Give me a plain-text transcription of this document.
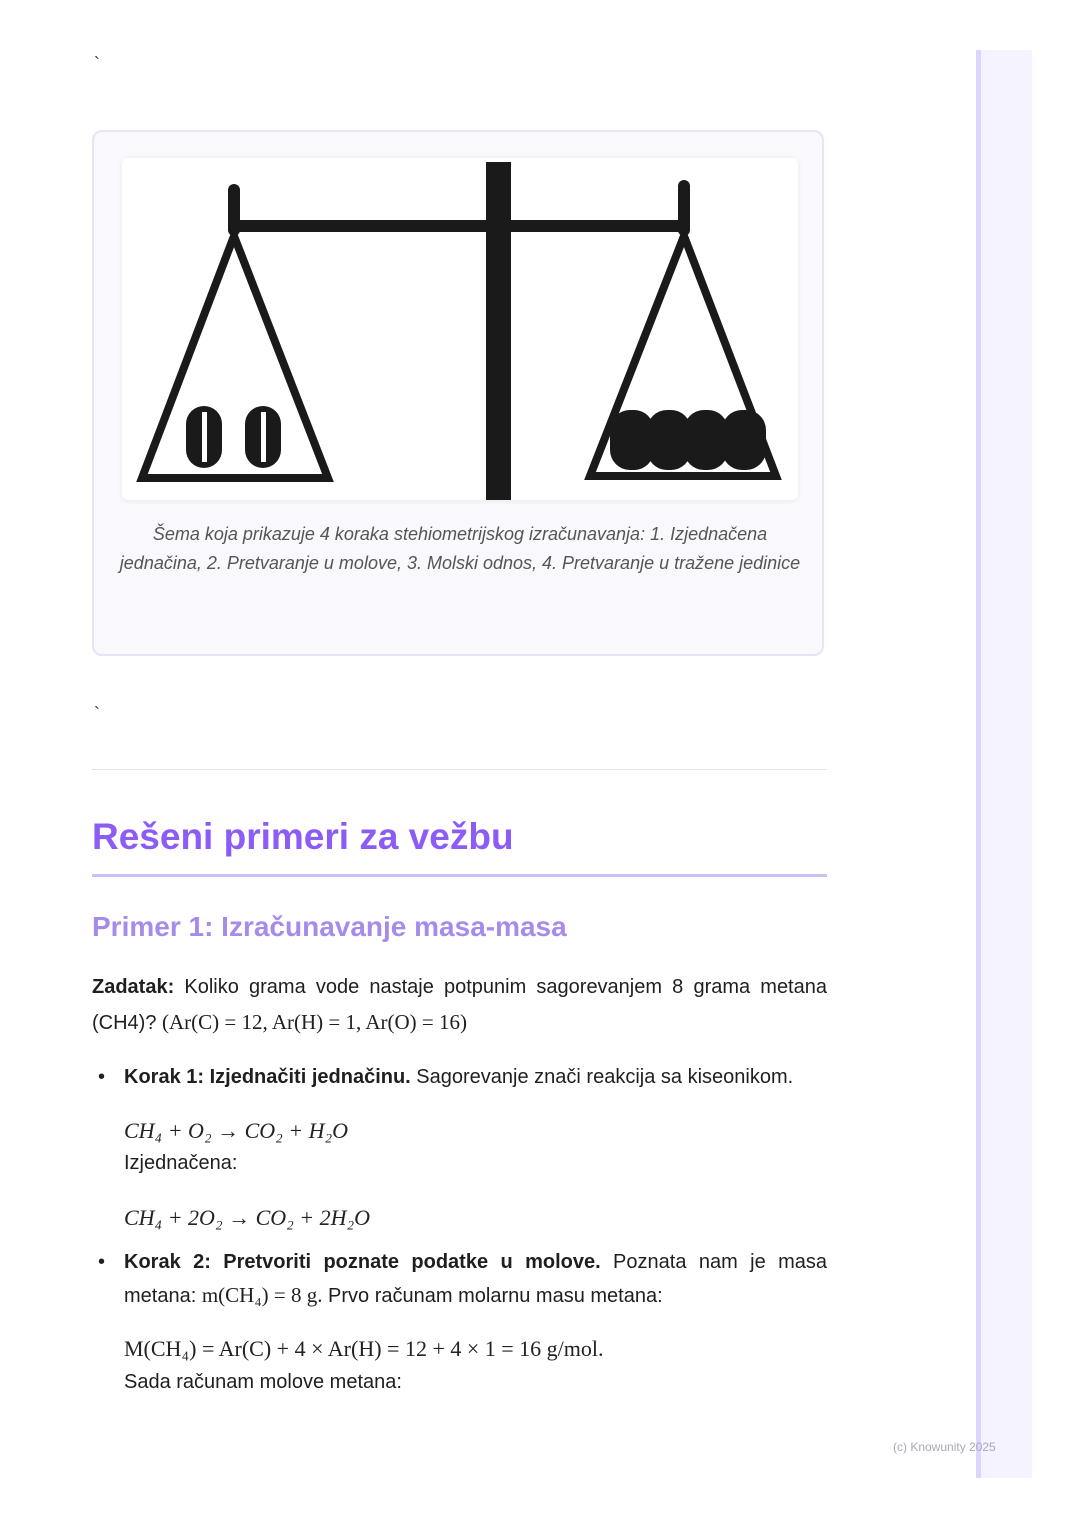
`
Šema koja prikazuje 4 koraka stehiometrijskog izračunavanja: 1. Izjednačena jednačina, 2. Pretvaranje u molove, 3. Molski odnos, 4. Pretvaranje u tražene jedinice
`
Rešeni primeri za vežbu
Primer 1: Izračunavanje masa-masa
Zadatak: Koliko grama vode nastaje potpunim sagorevanjem 8 grama metana (CH4)? (Ar(C) = 12, Ar(H) = 1, Ar(O) = 16)
• Korak 1: Izjednačiti jednačinu. Sagorevanje znači reakcija sa kiseonikom.
CH₄ + O₂ → CO₂ + H₂O
Izjednačena:
CH₄ + 2O₂ → CO₂ + 2H₂O
• Korak 2: Pretvoriti poznate podatke u molove. Poznata nam je masa metana: m(CH₄) = 8 g. Prvo računam molarnu masu metana:
M(CH₄) = Ar(C) + 4 × Ar(H) = 12 + 4 × 1 = 16 g/mol.
Sada računam molove metana:
(c) Knowunity 2025
